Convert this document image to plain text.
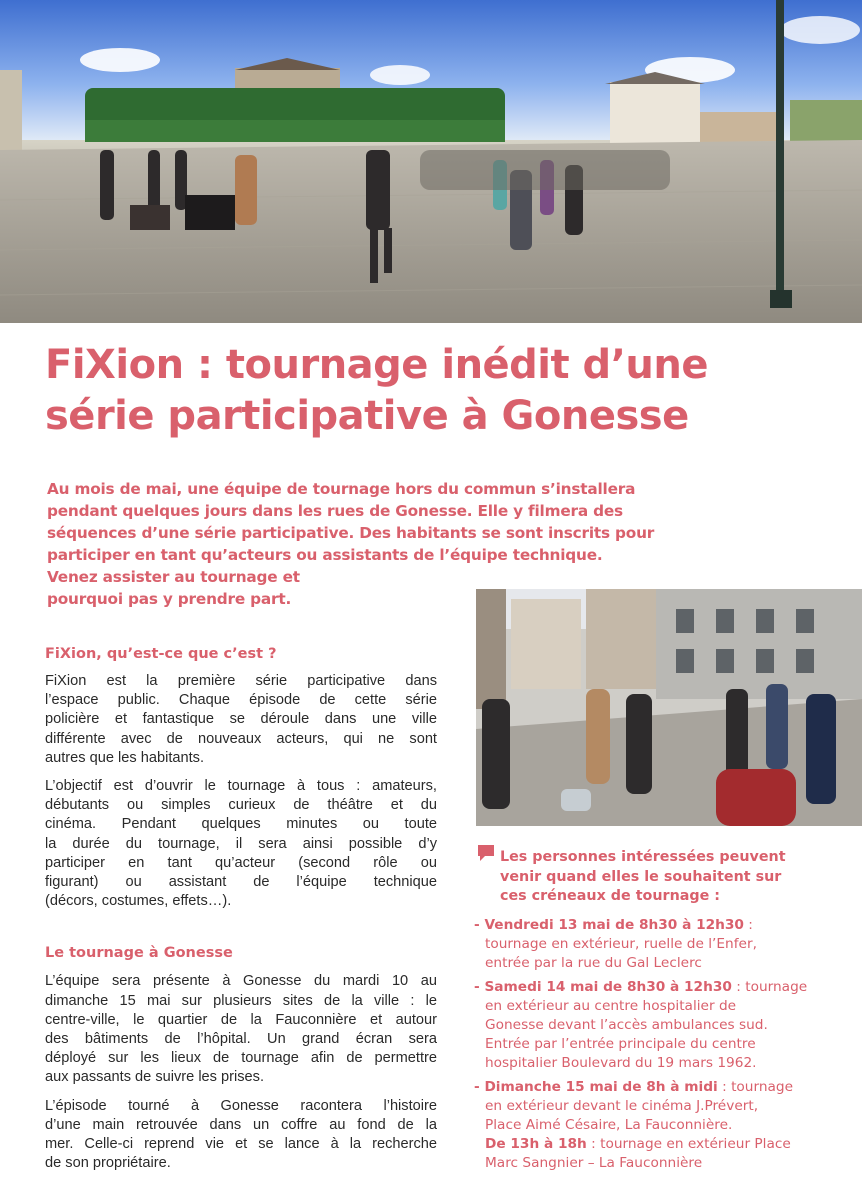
FiXion : tournage inédit d’une
série participative à Gonesse
Au mois de mai, une équipe de tournage hors du commun s’installera
pendant quelques jours dans les rues de Gonesse. Elle y filmera des
séquences d’une série participative. Des habitants se sont inscrits pour
participer en tant qu’acteurs ou assistants de l’équipe technique.
Venez assister au tournage et
pourquoi pas y prendre part.
FiXion, qu’est-ce que c’est ?
FiXion est la première série participative dans
l’espace public. Chaque épisode de cette série
policière et fantastique se déroule dans une ville
différente avec de nouveaux acteurs, qui ne sont
autres que les habitants.
L’objectif est d’ouvrir le tournage à tous : amateurs,
débutants ou simples curieux de théâtre et du
cinéma. Pendant quelques minutes ou toute
la durée du tournage, il sera ainsi possible d’y
participer en tant qu’acteur (second rôle ou
figurant) ou assistant de l’équipe technique
(décors, costumes, effets…).
Le tournage à Gonesse
L’équipe sera présente à Gonesse du mardi 10 au
dimanche 15 mai sur plusieurs sites de la ville : le
centre-ville, le quartier de la Fauconnière et autour
des bâtiments de l’hôpital. Un grand écran sera
déployé sur les lieux de tournage afin de permettre
aux passants de suivre les prises.
L’épisode tourné à Gonesse racontera l’histoire
d’une main retrouvée dans un coffre au fond de la
mer. Celle-ci reprend vie et se lance à la recherche
de son propriétaire.
Les personnes intéressées peuvent
venir quand elles le souhaitent sur
ces créneaux de tournage :
- Vendredi 13 mai de 8h30 à 12h30 :
tournage en extérieur, ruelle de l’Enfer,
entrée par la rue du Gal Leclerc
- Samedi 14 mai de 8h30 à 12h30 : tournage
en extérieur au centre hospitalier de
Gonesse devant l’accès ambulances sud.
Entrée par l’entrée principale du centre
hospitalier Boulevard du 19 mars 1962.
- Dimanche 15 mai de 8h à midi : tournage
en extérieur devant le cinéma J.Prévert,
Place Aimé Césaire, La Fauconnière.
De 13h à 18h : tournage en extérieur Place
Marc Sangnier – La Fauconnière
